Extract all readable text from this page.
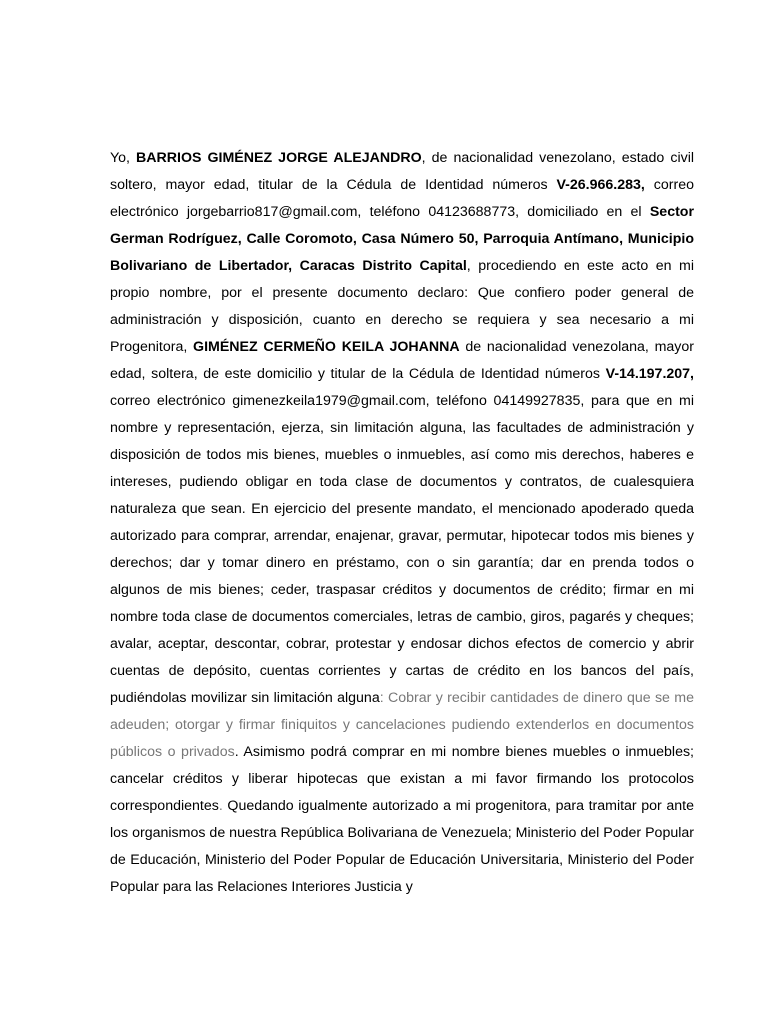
Yo, BARRIOS GIMÉNEZ JORGE ALEJANDRO, de nacionalidad venezolano, estado civil soltero, mayor edad, titular de la Cédula de Identidad números V-26.966.283, correo electrónico jorgebarrio817@gmail.com, teléfono 04123688773, domiciliado en el Sector German Rodríguez, Calle Coromoto, Casa Número 50, Parroquia Antímano, Municipio Bolivariano de Libertador, Caracas Distrito Capital, procediendo en este acto en mi propio nombre, por el presente documento declaro: Que confiero poder general de administración y disposición, cuanto en derecho se requiera y sea necesario a mi Progenitora, GIMÉNEZ CERMEÑO KEILA JOHANNA de nacionalidad venezolana, mayor edad, soltera, de este domicilio y titular de la Cédula de Identidad números V-14.197.207, correo electrónico gimenezkeila1979@gmail.com, teléfono 04149927835, para que en mi nombre y representación, ejerza, sin limitación alguna, las facultades de administración y disposición de todos mis bienes, muebles o inmuebles, así como mis derechos, haberes e intereses, pudiendo obligar en toda clase de documentos y contratos, de cualesquiera naturaleza que sean. En ejercicio del presente mandato, el mencionado apoderado queda autorizado para comprar, arrendar, enajenar, gravar, permutar, hipotecar todos mis bienes y derechos; dar y tomar dinero en préstamo, con o sin garantía; dar en prenda todos o algunos de mis bienes; ceder, traspasar créditos y documentos de crédito; firmar en mi nombre toda clase de documentos comerciales, letras de cambio, giros, pagarés y cheques; avalar, aceptar, descontar, cobrar, protestar y endosar dichos efectos de comercio y abrir cuentas de depósito, cuentas corrientes y cartas de crédito en los bancos del país, pudiéndolas movilizar sin limitación alguna: Cobrar y recibir cantidades de dinero que se me adeuden; otorgar y firmar finiquitos y cancelaciones pudiendo extenderlos en documentos públicos o privados. Asimismo podrá comprar en mi nombre bienes muebles o inmuebles; cancelar créditos y liberar hipotecas que existan a mi favor firmando los protocolos correspondientes. Quedando igualmente autorizado a mi progenitora, para tramitar por ante los organismos de nuestra República Bolivariana de Venezuela; Ministerio del Poder Popular de Educación, Ministerio del Poder Popular de Educación Universitaria, Ministerio del Poder Popular para las Relaciones Interiores Justicia y
